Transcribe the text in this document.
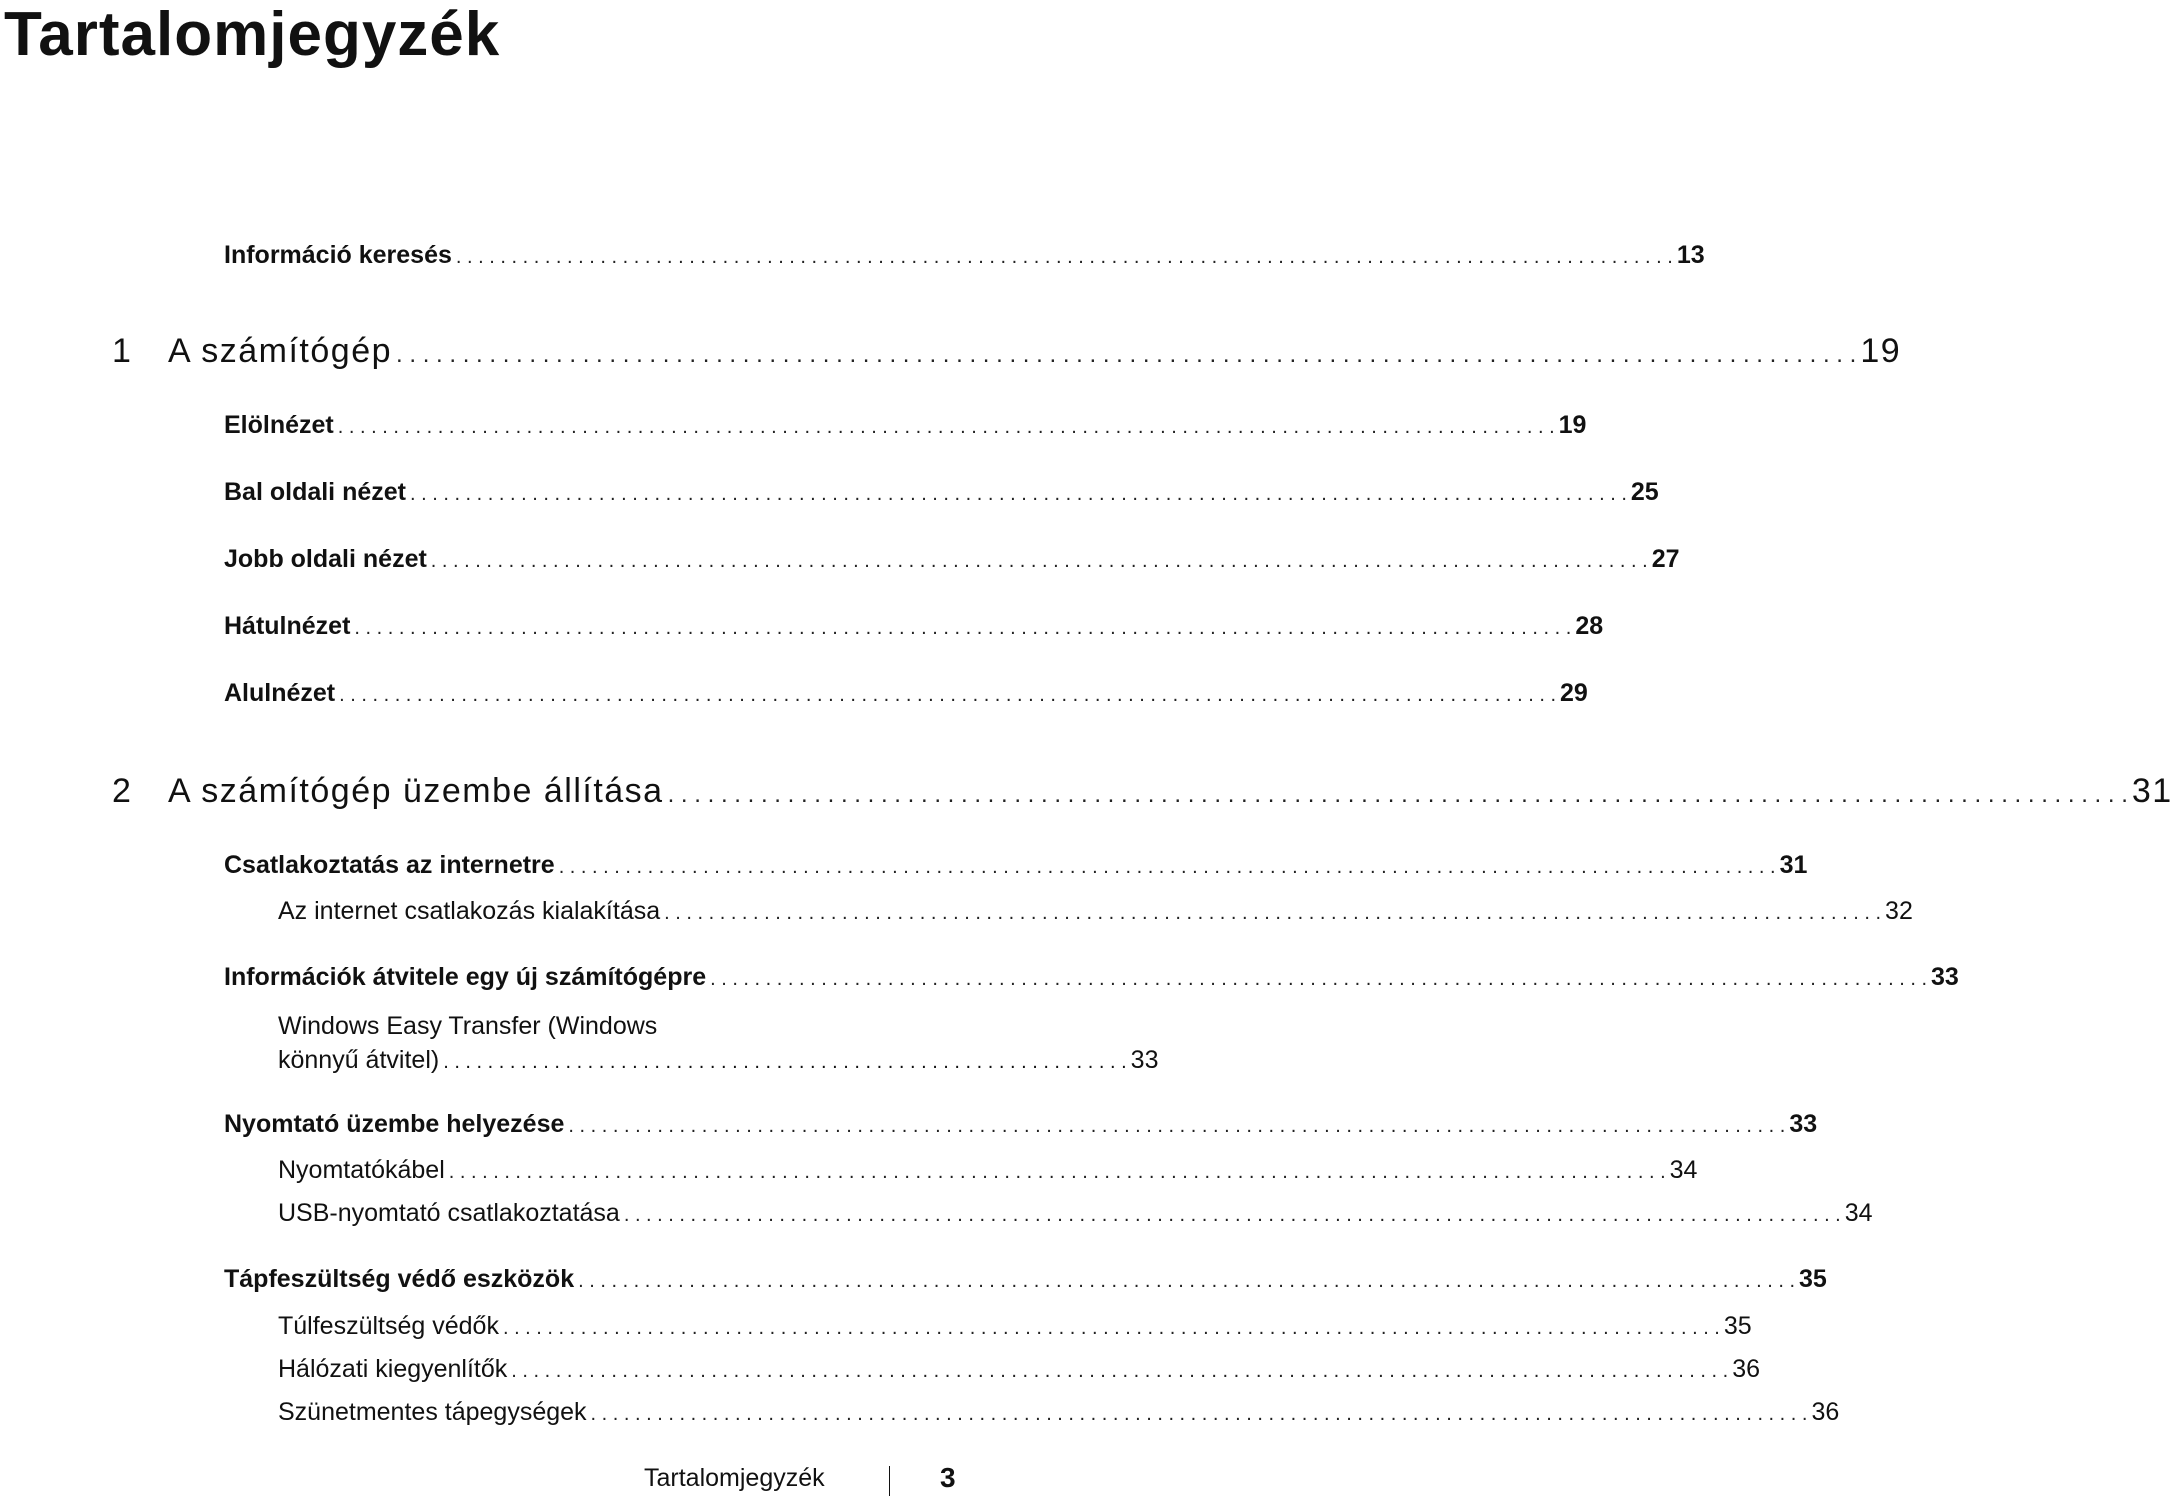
Tartalomjegyzék
Információ keresés . . .	13
1 A számítógép . . .	19
Elölnézet . . .	19
Bal oldali nézet . . .	25
Jobb oldali nézet . . .	27
Hátulnézet . . .	28
Alulnézet . . .	29
2 A számítógép üzembe állítása . . .	31
Csatlakoztatás az internetre . . .	31
Az internet csatlakozás kialakítása . . .	32
Információk átvitele egy új számítógépre . . .	33
Windows Easy Transfer (Windows
könnyű átvitel) . . . . . . . . . . . . . . . . . . . . . . . . . . . . . . . . . . . . . . . . . . . . . . . . . . . . . . . . . . . . . . 33
Nyomtató üzembe helyezése . . .	33
Nyomtatókábel . . .	34
USB-nyomtató csatlakoztatása . . .	34
Tápfeszültség védő eszközök . . .	35
Túlfeszültség védők . . .	35
Hálózati kiegyenlítők . . .	36
Szünetmentes tápegységek . . .	36
Tartalomjegyzék	3
